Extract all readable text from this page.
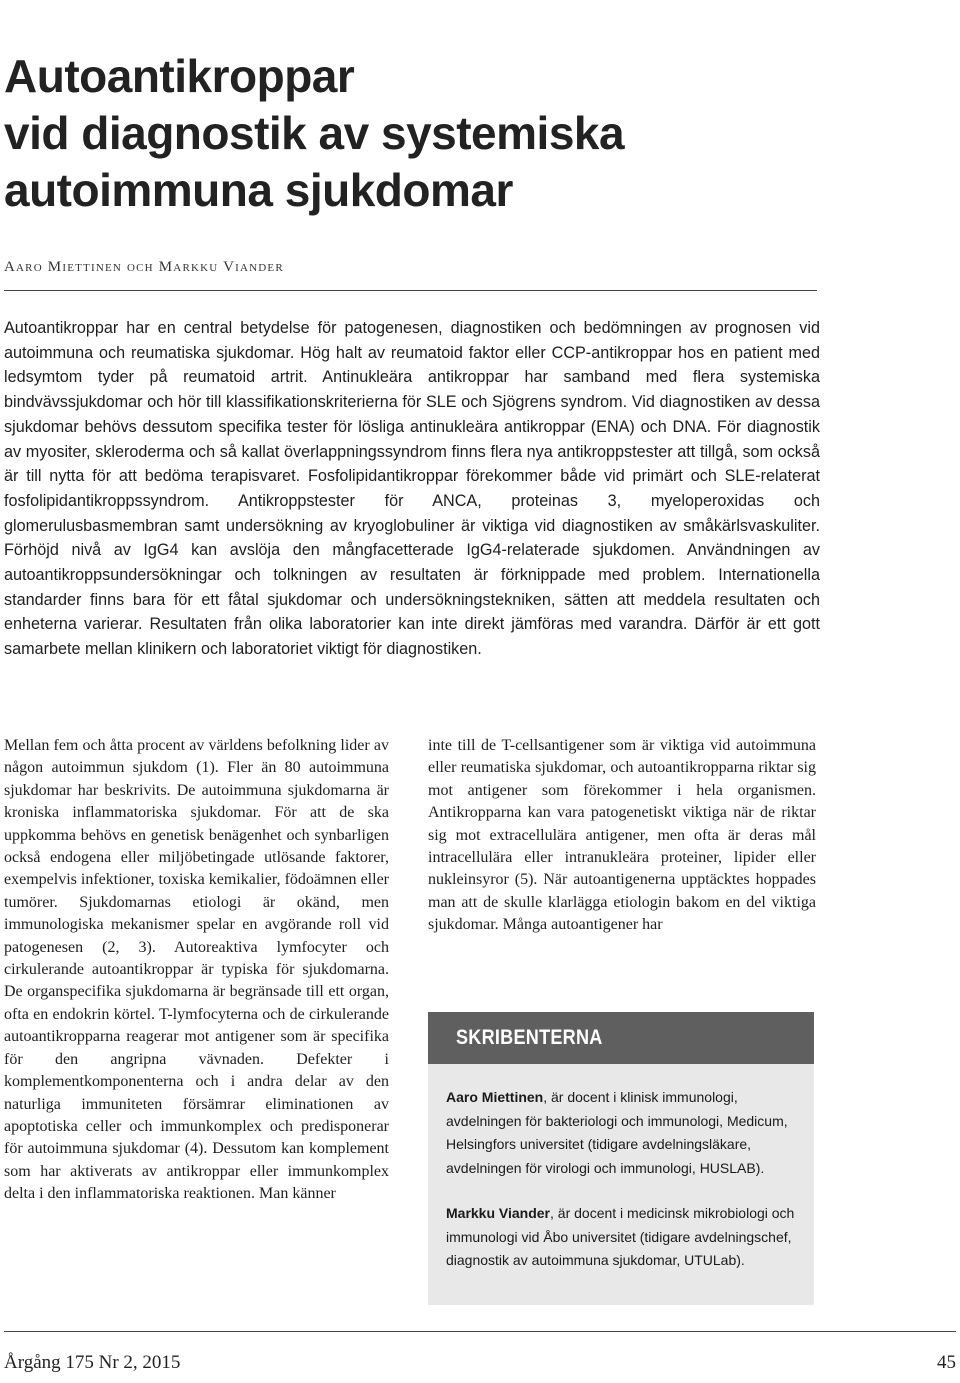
Autoantikroppar
vid diagnostik av systemiska
autoimmuna sjukdomar
Aaro Miettinen och Markku Viander
Autoantikroppar har en central betydelse för patogenesen, diagnostiken och bedömningen av prognosen vid autoimmuna och reumatiska sjukdomar. Hög halt av reumatoid faktor eller CCP-antikroppar hos en patient med ledsymtom tyder på reumatoid artrit. Antinukleära antikroppar har samband med flera systemiska bindvävssjukdomar och hör till klassifikationskriterierna för SLE och Sjögrens syndrom. Vid diagnostiken av dessa sjukdomar behövs dessutom specifika tester för lösliga antinukleära antikroppar (ENA) och DNA. För diagnostik av myositer, skleroderma och så kallat överlappningssyndrom finns flera nya antikroppstester att tillgå, som också är till nytta för att bedöma terapisvaret. Fosfolipidantikroppar förekommer både vid primärt och SLE-relaterat fosfolipidantikroppssyndrom. Antikroppstester för ANCA, proteinas 3, myeloperoxidas och glomerulusbasmembran samt undersökning av kryoglobuliner är viktiga vid diagnostiken av småkärlsvaskuliter. Förhöjd nivå av IgG4 kan avslöja den mångfacetterade IgG4-relaterade sjukdomen. Användningen av autoantikroppsundersökningar och tolkningen av resultaten är förknippade med problem. Internationella standarder finns bara för ett fåtal sjukdomar och undersökningstekniken, sätten att meddela resultaten och enheterna varierar. Resultaten från olika laboratorier kan inte direkt jämföras med varandra. Därför är ett gott samarbete mellan klinikern och laboratoriet viktigt för diagnostiken.
Mellan fem och åtta procent av världens befolkning lider av någon autoimmun sjukdom (1). Fler än 80 autoimmuna sjukdomar har beskrivits. De autoimmuna sjukdomarna är kroniska inflammatoriska sjukdomar. För att de ska uppkomma behövs en genetisk benägenhet och synbarligen också endogena eller miljöbetingade utlösande faktorer, exempelvis infektioner, toxiska kemikalier, födoämnen eller tumörer. Sjukdomarnas etiologi är okänd, men immunologiska mekanismer spelar en avgörande roll vid patogenesen (2, 3). Autoreaktiva lymfocyter och cirkulerande autoantikroppar är typiska för sjukdomarna. De organspecifika sjukdomarna är begränsade till ett organ, ofta en endokrin körtel. T-lymfocyterna och de cirkulerande autoantikropparna reagerar mot antigener som är specifika för den angripna vävnaden. Defekter i komplementkomponenterna och i andra delar av den naturliga immuniteten försämrar eliminationen av apoptotiska celler och immunkomplex och predisponerar för autoimmuna sjukdomar (4). Dessutom kan komplement som har aktiverats av antikroppar eller immunkomplex delta i den inflammatoriska reaktionen. Man känner
inte till de T-cellsantigener som är viktiga vid autoimmuna eller reumatiska sjukdomar, och autoantikropparna riktar sig mot antigener som förekommer i hela organismen. Antikropparna kan vara patogenetiskt viktiga när de riktar sig mot extracellulära antigener, men ofta är deras mål intracellulära eller intranukleära proteiner, lipider eller nukleinsyror (5). När autoantigenerna upptäcktes hoppades man att de skulle klarlägga etiologin bakom en del viktiga sjukdomar. Många autoantigener har
SKRIBENTERNA
Aaro Miettinen, är docent i klinisk immunologi, avdelningen för bakteriologi och immunologi, Medicum, Helsingfors universitet (tidigare avdelningsläkare, avdelningen för virologi och immunologi, HUSLAB).
Markku Viander, är docent i medicinsk mikrobiologi och immunologi vid Åbo universitet (tidigare avdelningschef, diagnostik av autoimmuna sjukdomar, UTULab).
Årgång 175 Nr 2, 2015	45
